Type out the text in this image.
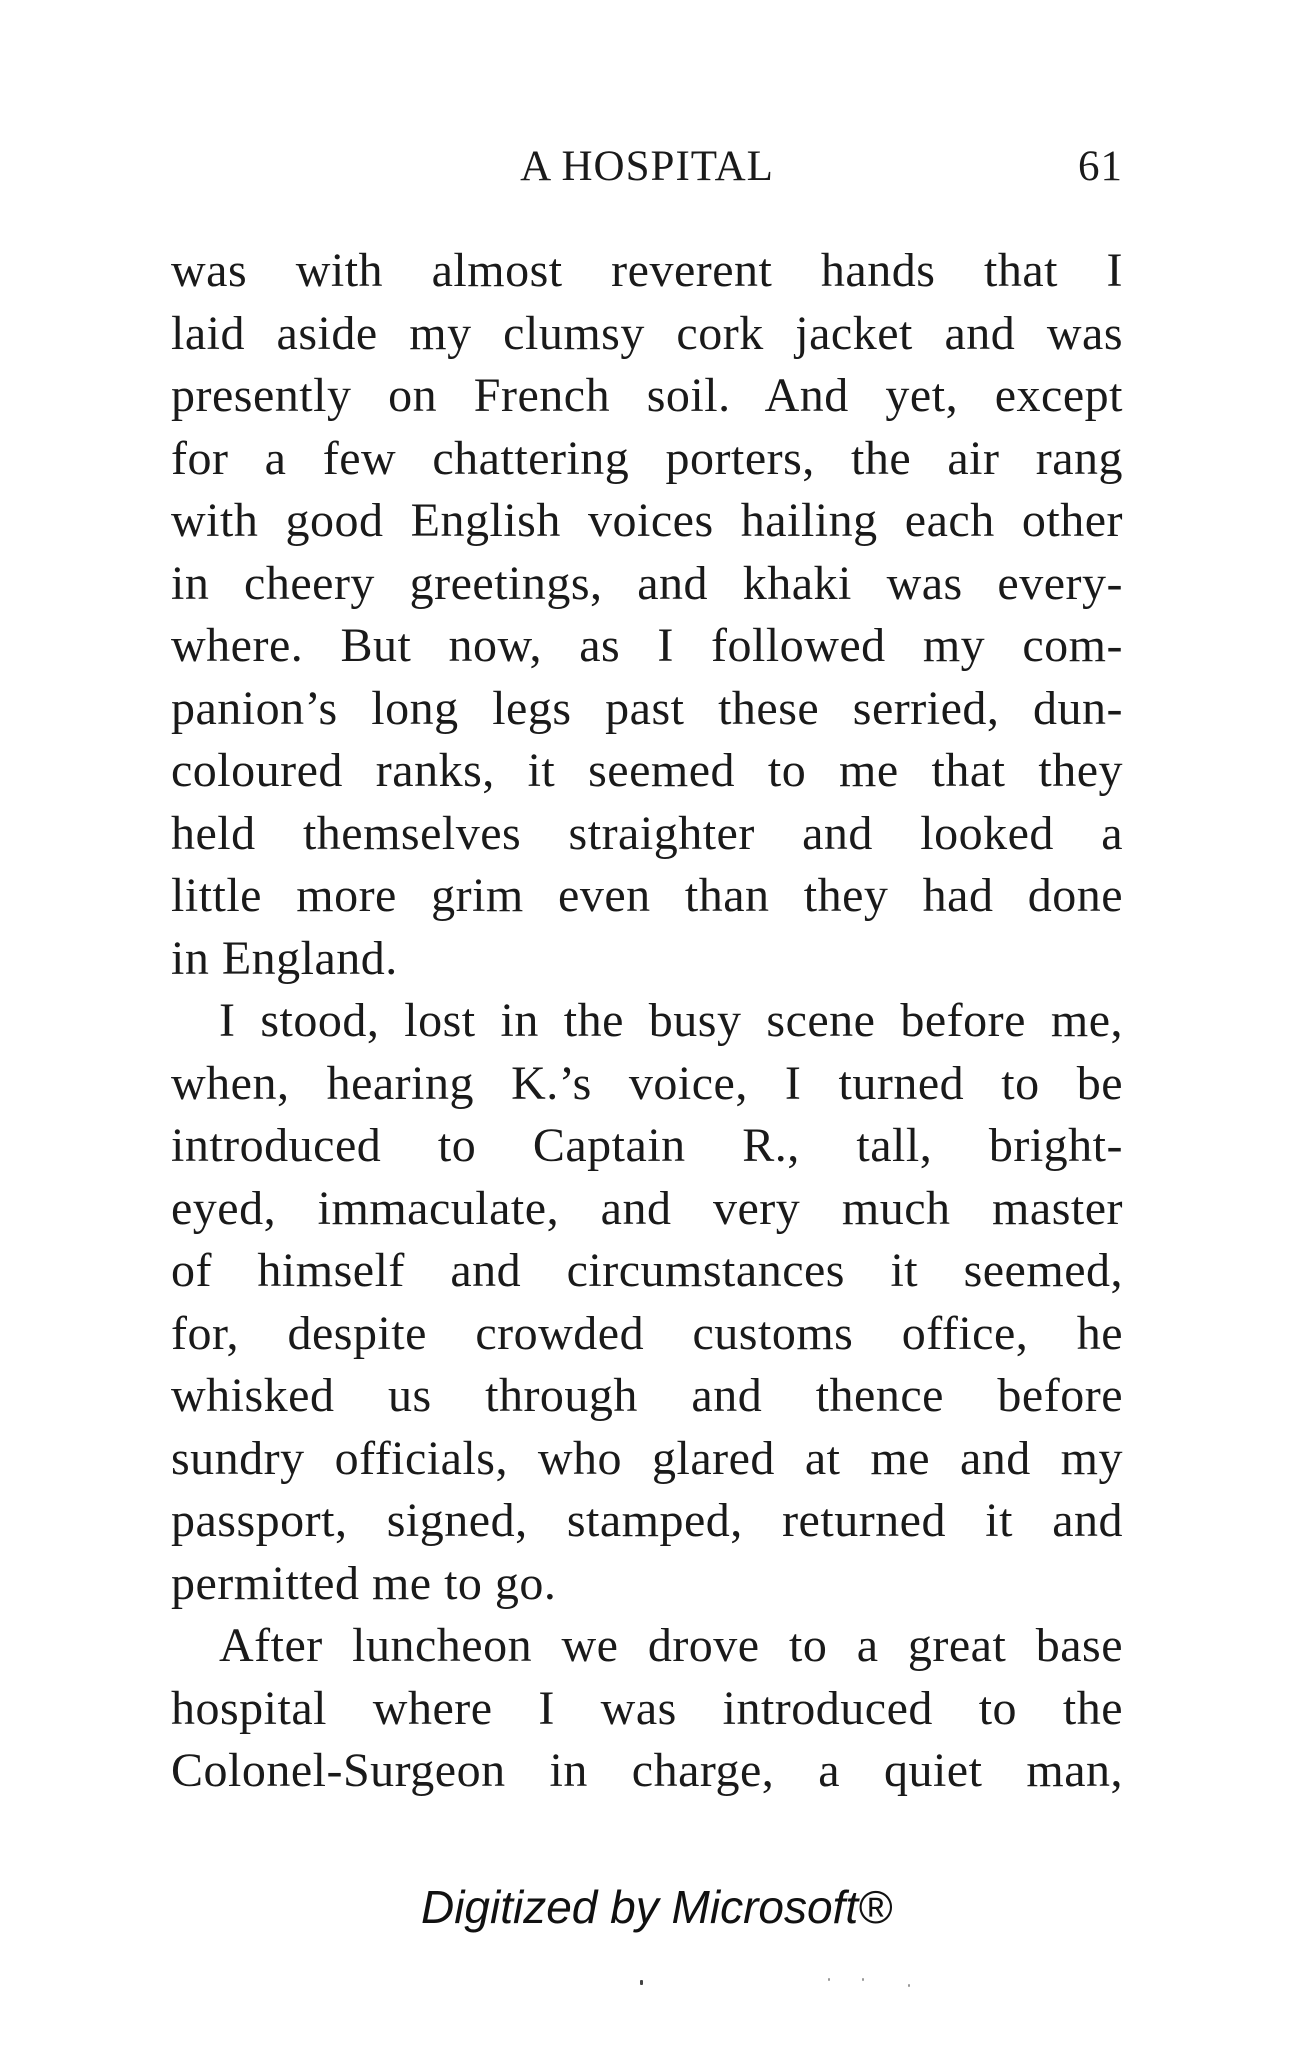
A HOSPITAL	61
was with almost reverent hands that I
laid aside my clumsy cork jacket and was
presently on French soil. And yet, except
for a few chattering porters, the air rang
with good English voices hailing each other
in cheery greetings, and khaki was every-
where. But now, as I followed my com-
panion’s long legs past these serried, dun-
coloured ranks, it seemed to me that they
held themselves straighter and looked a
little more grim even than they had done
in England.
I stood, lost in the busy scene before me,
when, hearing K.’s voice, I turned to be
introduced to Captain R., tall, bright-
eyed, immaculate, and very much master
of himself and circumstances it seemed,
for, despite crowded customs office, he
whisked us through and thence before
sundry officials, who glared at me and my
passport, signed, stamped, returned it and
permitted me to go.
After luncheon we drove to a great base
hospital where I was introduced to the
Colonel-Surgeon in charge, a quiet man,
Digitized by Microsoft®
